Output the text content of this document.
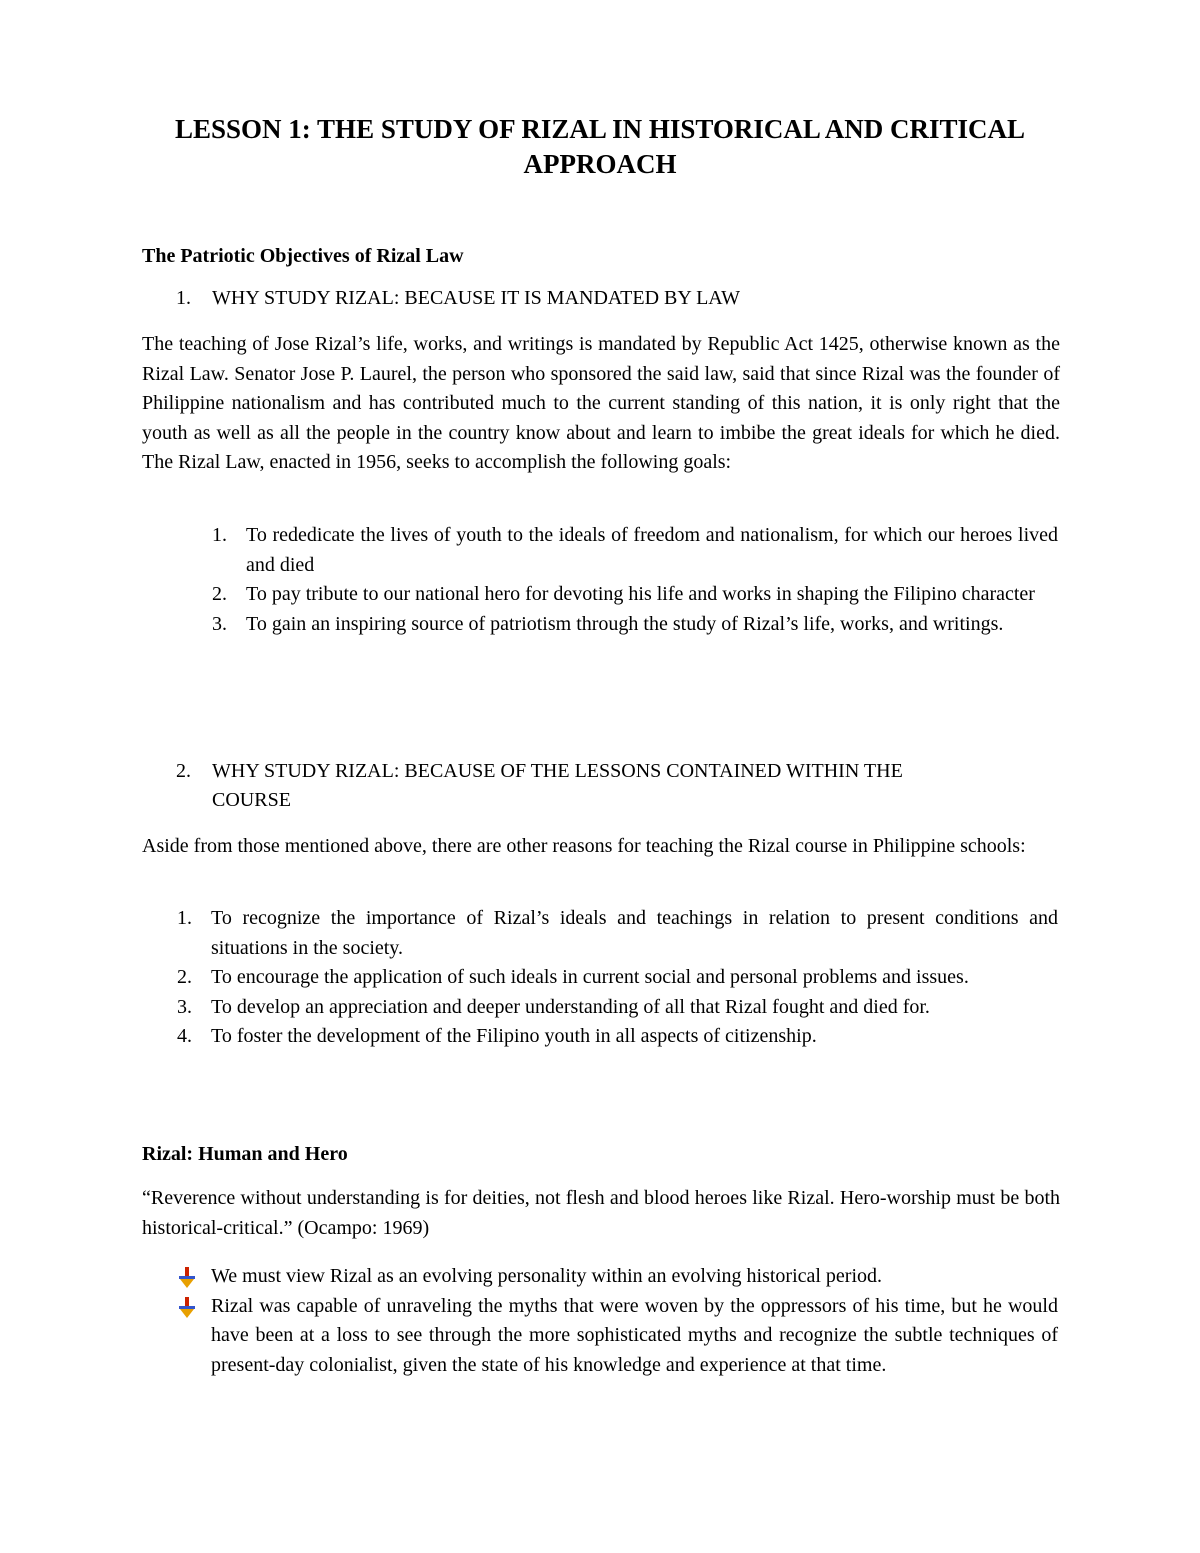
LESSON 1: THE STUDY OF RIZAL IN HISTORICAL AND CRITICAL
APPROACH
The Patriotic Objectives of Rizal Law
1. WHY STUDY RIZAL: BECAUSE IT IS MANDATED BY LAW
The teaching of Jose Rizal’s life, works, and writings is mandated by Republic Act 1425, otherwise known as the Rizal Law. Senator Jose P. Laurel, the person who sponsored the said law, said that since Rizal was the founder of Philippine nationalism and has contributed much to the current standing of this nation, it is only right that the youth as well as all the people in the country know about and learn to imbibe the great ideals for which he died. The Rizal Law, enacted in 1956, seeks to accomplish the following goals:
1. To rededicate the lives of youth to the ideals of freedom and nationalism, for which our heroes lived and died
2. To pay tribute to our national hero for devoting his life and works in shaping the Filipino character
3. To gain an inspiring source of patriotism through the study of Rizal’s life, works, and writings.
2. WHY STUDY RIZAL: BECAUSE OF THE LESSONS CONTAINED WITHIN THE
COURSE
Aside from those mentioned above, there are other reasons for teaching the Rizal course in Philippine schools:
1. To recognize the importance of Rizal’s ideals and teachings in relation to present conditions and situations in the society.
2. To encourage the application of such ideals in current social and personal problems and issues.
3. To develop an appreciation and deeper understanding of all that Rizal fought and died for.
4. To foster the development of the Filipino youth in all aspects of citizenship.
Rizal: Human and Hero
“Reverence without understanding is for deities, not flesh and blood heroes like Rizal. Hero-worship must be both historical-critical.” (Ocampo: 1969)
We must view Rizal as an evolving personality within an evolving historical period.
Rizal was capable of unraveling the myths that were woven by the oppressors of his time, but he would have been at a loss to see through the more sophisticated myths and recognize the subtle techniques of present-day colonialist, given the state of his knowledge and experience at that time.
